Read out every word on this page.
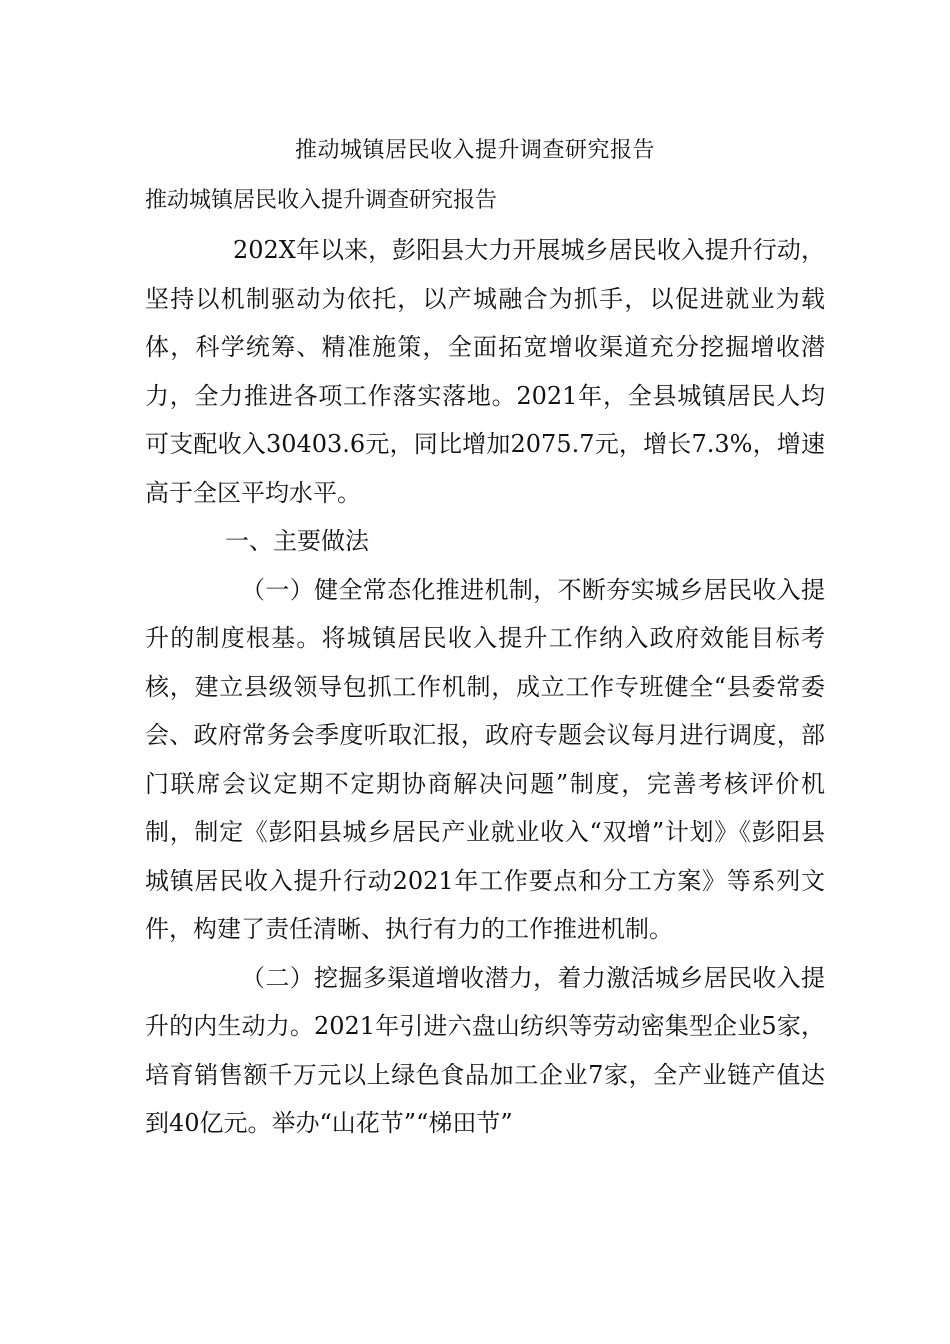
推动城镇居民收入提升调查研究报告
推动城镇居民收入提升调查研究报告

202X年以来，彭阳县大力开展城乡居民收入提升行动，坚持以机制驱动为依托，以产城融合为抓手，以促进就业为载体，科学统筹、精准施策，全面拓宽增收渠道充分挖掘增收潜力，全力推进各项工作落实落地。2021年，全县城镇居民人均可支配收入30403.6元，同比增加2075.7元，增长7.3%，增速高于全区平均水平。

一、主要做法

（一）健全常态化推进机制，不断夯实城乡居民收入提升的制度根基。将城镇居民收入提升工作纳入政府效能目标考核，建立县级领导包抓工作机制，成立工作专班健全“县委常委会、政府常务会季度听取汇报，政府专题会议每月进行调度，部门联席会议定期不定期协商解决问题”制度，完善考核评价机制，制定《彭阳县城乡居民产业就业收入“双增”计划》《彭阳县城镇居民收入提升行动2021年工作要点和分工方案》等系列文件，构建了责任清晰、执行有力的工作推进机制。

（二）挖掘多渠道增收潜力，着力激活城乡居民收入提升的内生动力。2021年引进六盘山纺织等劳动密集型企业5家，培育销售额千万元以上绿色食品加工企业7家，全产业链产值达到40亿元。举办“山花节”“梯田节”
